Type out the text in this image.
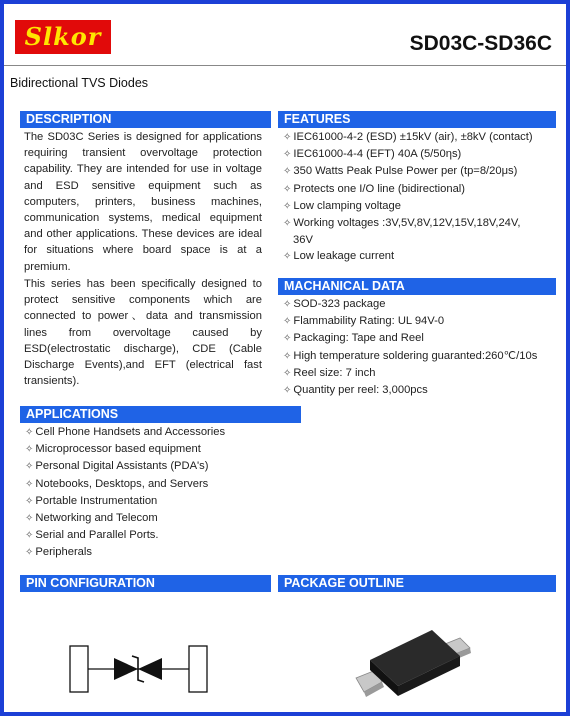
Slkor	SD03C-SD36C
Bidirectional TVS Diodes
DESCRIPTION
The SD03C Series is designed for applications requiring transient overvoltage protection capability. They are intended for use in voltage and ESD sensitive equipment such as computers, printers, business machines, communication systems, medical equipment and other applications. These devices are ideal for situations where board space is at a premium.
This series has been specifically designed to protect sensitive components which are connected to power、data and transmission lines from overvoltage caused by ESD(electrostatic discharge), CDE (Cable Discharge Events),and EFT (electrical fast transients).
FEATURES
✧ IEC61000-4-2 (ESD) ±15kV (air), ±8kV (contact)
✧ IEC61000-4-4 (EFT) 40A (5/50ηs)
✧ 350 Watts Peak Pulse Power per (tp=8/20μs)
✧ Protects one I/O line (bidirectional)
✧ Low clamping voltage
✧ Working voltages :3V,5V,8V,12V,15V,18V,24V,
36V
✧ Low leakage current
MACHANICAL DATA
✧ SOD-323 package
✧ Flammability Rating: UL 94V-0
✧ Packaging: Tape and Reel
✧ High temperature soldering guaranted:260℃/10s
✧ Reel size: 7 inch
✧ Quantity per reel: 3,000pcs
APPLICATIONS
✧ Cell Phone Handsets and Accessories
✧ Microprocessor based equipment
✧ Personal Digital Assistants (PDA's)
✧ Notebooks, Desktops, and Servers
✧ Portable Instrumentation
✧ Networking and Telecom
✧ Serial and Parallel Ports.
✧ Peripherals
PIN CONFIGURATION	PACKAGE OUTLINE
